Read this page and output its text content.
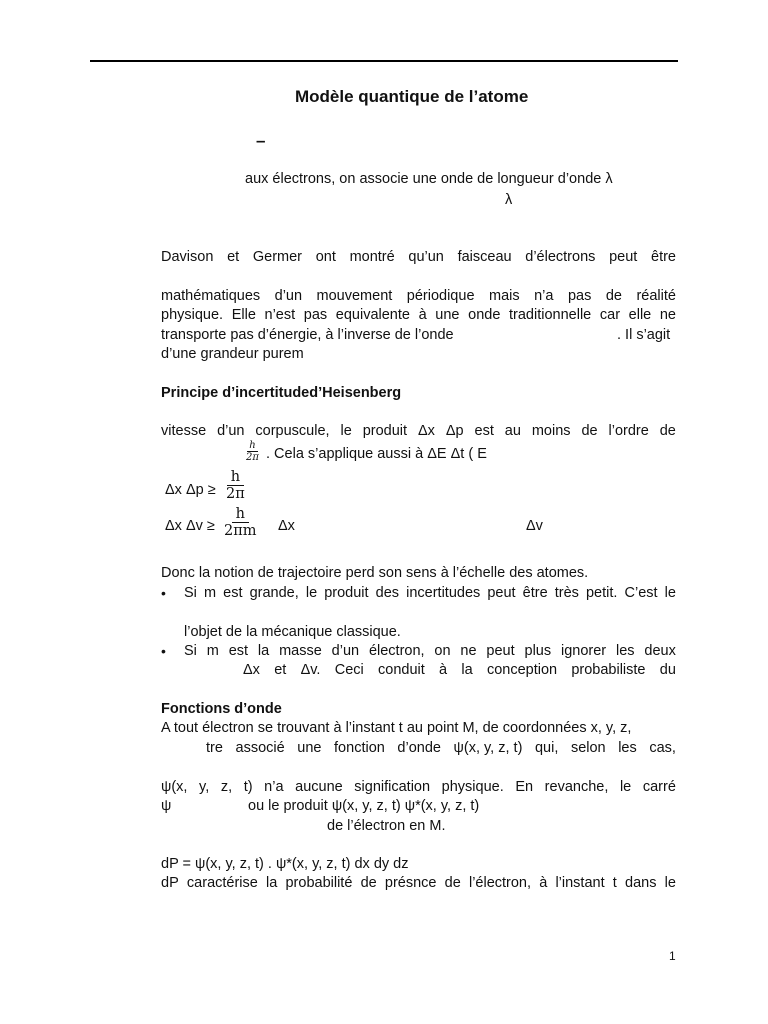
Modèle quantique de l’atome
–
aux électrons, on associe une onde de longueur d’onde λ
λ
Davison et Germer ont montré qu’un faisceau d’électrons peut être
mathématiques d’un mouvement périodique mais n’a pas de réalité
physique. Elle n’est pas equivalente à une onde traditionnelle car elle ne
transporte pas d’énergie, à l’inverse de l’onde	. Il s’agit
d’une grandeur purem
Principe d’incertituded’Heisenberg
vitesse d’un corpuscule, le produit Δx Δp est au moins de l’ordre de
$\frac{h}{2\pi}$ . Cela s’applique aussi à ΔE Δt ( E
Δx $\Delta p \ge \frac{h}{2\pi}$
Δx $\Delta v \ge \frac{h}{2\pi m}$ Δx	Δv
Donc la notion de trajectoire perd son sens à l’échelle des atomes.
• Si m est grande, le produit des incertitudes peut être très petit. C’est le
l’objet de la mécanique classique.
• Si m est la masse d’un électron, on ne peut plus ignorer les deux
Δx et Δv. Ceci conduit à la conception probabiliste du
Fonctions d’onde
A tout électron se trouvant à l’instant t au point M, de coordonnées x, y, z,
tre associé une fonction d’onde ψ(x, y, z, t) qui, selon les cas,
ψ(x, y, z, t) n’a aucune signification physique. En revanche, le carré
ψ	ou le produit ψ(x, y, z, t) ψ*(x, y, z, t)
de l’électron en M.
dP = ψ(x, y, z, t) . ψ*(x, y, z, t) dx dy dz
dP caractérise la probabilité de présnce de l’électron, à l’instant t dans le
1
